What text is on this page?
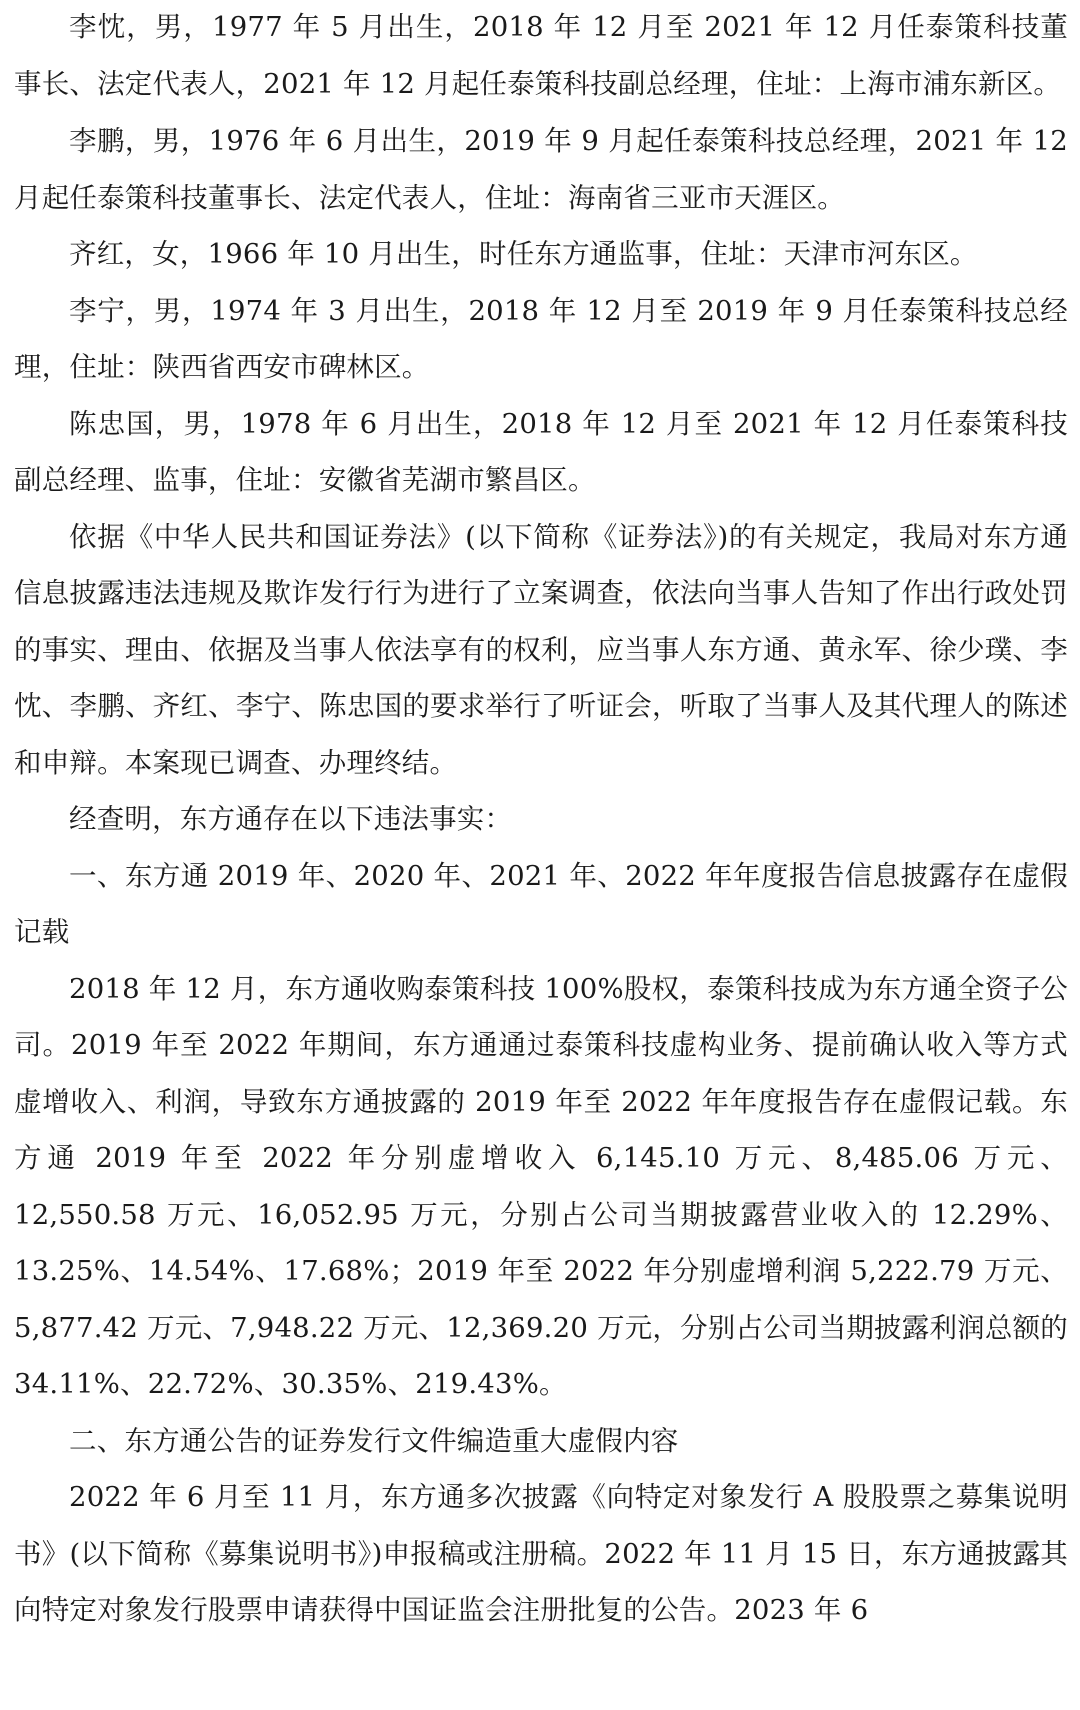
李忱，男，1977 年 5 月出生，2018 年 12 月至 2021 年 12 月任泰策科技董事长、法定代表人，2021 年 12 月起任泰策科技副总经理，住址：上海市浦东新区。

李鹏，男，1976 年 6 月出生，2019 年 9 月起任泰策科技总经理，2021 年 12 月起任泰策科技董事长、法定代表人，住址：海南省三亚市天涯区。

齐红，女，1966 年 10 月出生，时任东方通监事，住址：天津市河东区。

李宁，男，1974 年 3 月出生，2018 年 12 月至 2019 年 9 月任泰策科技总经理，住址：陕西省西安市碑林区。

陈忠国，男，1978 年 6 月出生，2018 年 12 月至 2021 年 12 月任泰策科技副总经理、监事，住址：安徽省芜湖市繁昌区。

依据《中华人民共和国证券法》(以下简称《证券法》)的有关规定，我局对东方通信息披露违法违规及欺诈发行行为进行了立案调查，依法向当事人告知了作出行政处罚的事实、理由、依据及当事人依法享有的权利，应当事人东方通、黄永军、徐少璞、李忱、李鹏、齐红、李宁、陈忠国的要求举行了听证会，听取了当事人及其代理人的陈述和申辩。本案现已调查、办理终结。

经查明，东方通存在以下违法事实：

一、东方通 2019 年、2020 年、2021 年、2022 年年度报告信息披露存在虚假记载

2018 年 12 月，东方通收购泰策科技 100%股权，泰策科技成为东方通全资子公司。2019 年至 2022 年期间，东方通通过泰策科技虚构业务、提前确认收入等方式虚增收入、利润，导致东方通披露的 2019 年至 2022 年年度报告存在虚假记载。东方通 2019 年至 2022 年分别虚增收入 6,145.10 万元、8,485.06 万元、12,550.58 万元、16,052.95 万元，分别占公司当期披露营业收入的 12.29%、13.25%、14.54%、17.68%；2019 年至 2022 年分别虚增利润 5,222.79 万元、5,877.42 万元、7,948.22 万元、12,369.20 万元，分别占公司当期披露利润总额的 34.11%、22.72%、30.35%、219.43%。

二、东方通公告的证券发行文件编造重大虚假内容

2022 年 6 月至 11 月，东方通多次披露《向特定对象发行 A 股股票之募集说明书》(以下简称《募集说明书》)申报稿或注册稿。2022 年 11 月 15 日，东方通披露其向特定对象发行股票申请获得中国证监会注册批复的公告。2023 年 6
